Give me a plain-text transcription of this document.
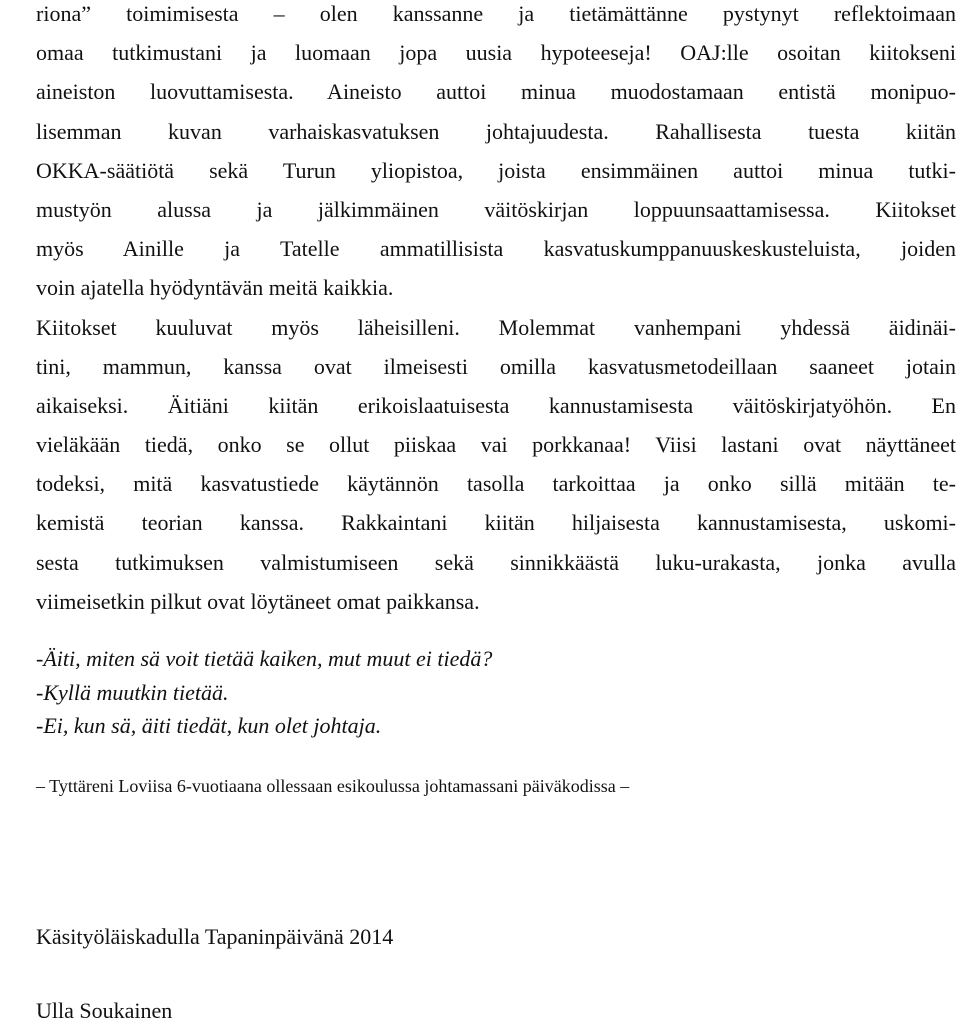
riona” toimimisesta – olen kanssanne ja tietämättänne pystynyt reflektoimaan
omaa tutkimustani ja luomaan jopa uusia hypoteeseja! OAJ:lle osoitan kiitokseni
aineiston luovuttamisesta. Aineisto auttoi minua muodostamaan entistä monipuo-
lisemman kuvan varhaiskasvatuksen johtajuudesta. Rahallisesta tuesta kiitän
OKKA-säätiötä sekä Turun yliopistoa, joista ensimmäinen auttoi minua tutki-
mustyön alussa ja jälkimmäinen väitöskirjan loppuunsaattamisessa. Kiitokset
myös Ainille ja Tatelle ammatillisista kasvatuskumppanuuskeskusteluista, joiden
voin ajatella hyödyntävän meitä kaikkia.
Kiitokset kuuluvat myös läheisilleni. Molemmat vanhempani yhdessä äidinäi-
tini, mammun, kanssa ovat ilmeisesti omilla kasvatusmetodeillaan saaneet jotain
aikaiseksi. Äitiäni kiitän erikoislaatuisesta kannustamisesta väitöskirjatyöhön. En
vieläkään tiedä, onko se ollut piiskaa vai porkkanaa! Viisi lastani ovat näyttäneet
todeksi, mitä kasvatustiede käytännön tasolla tarkoittaa ja onko sillä mitään te-
kemistä teorian kanssa. Rakkaintani kiitän hiljaisesta kannustamisesta, uskomi-
sesta tutkimuksen valmistumiseen sekä sinnikkäästä luku-urakasta, jonka avulla
viimeisetkin pilkut ovat löytäneet omat paikkansa.
-Äiti, miten sä voit tietää kaiken, mut muut ei tiedä?
-Kyllä muutkin tietää.
-Ei, kun sä, äiti tiedät, kun olet johtaja.
– Tyttäreni Loviisa 6-vuotiaana ollessaan esikoulussa johtamassani päiväkodissa –
Käsityöläiskadulla Tapaninpäivänä 2014
Ulla Soukainen
